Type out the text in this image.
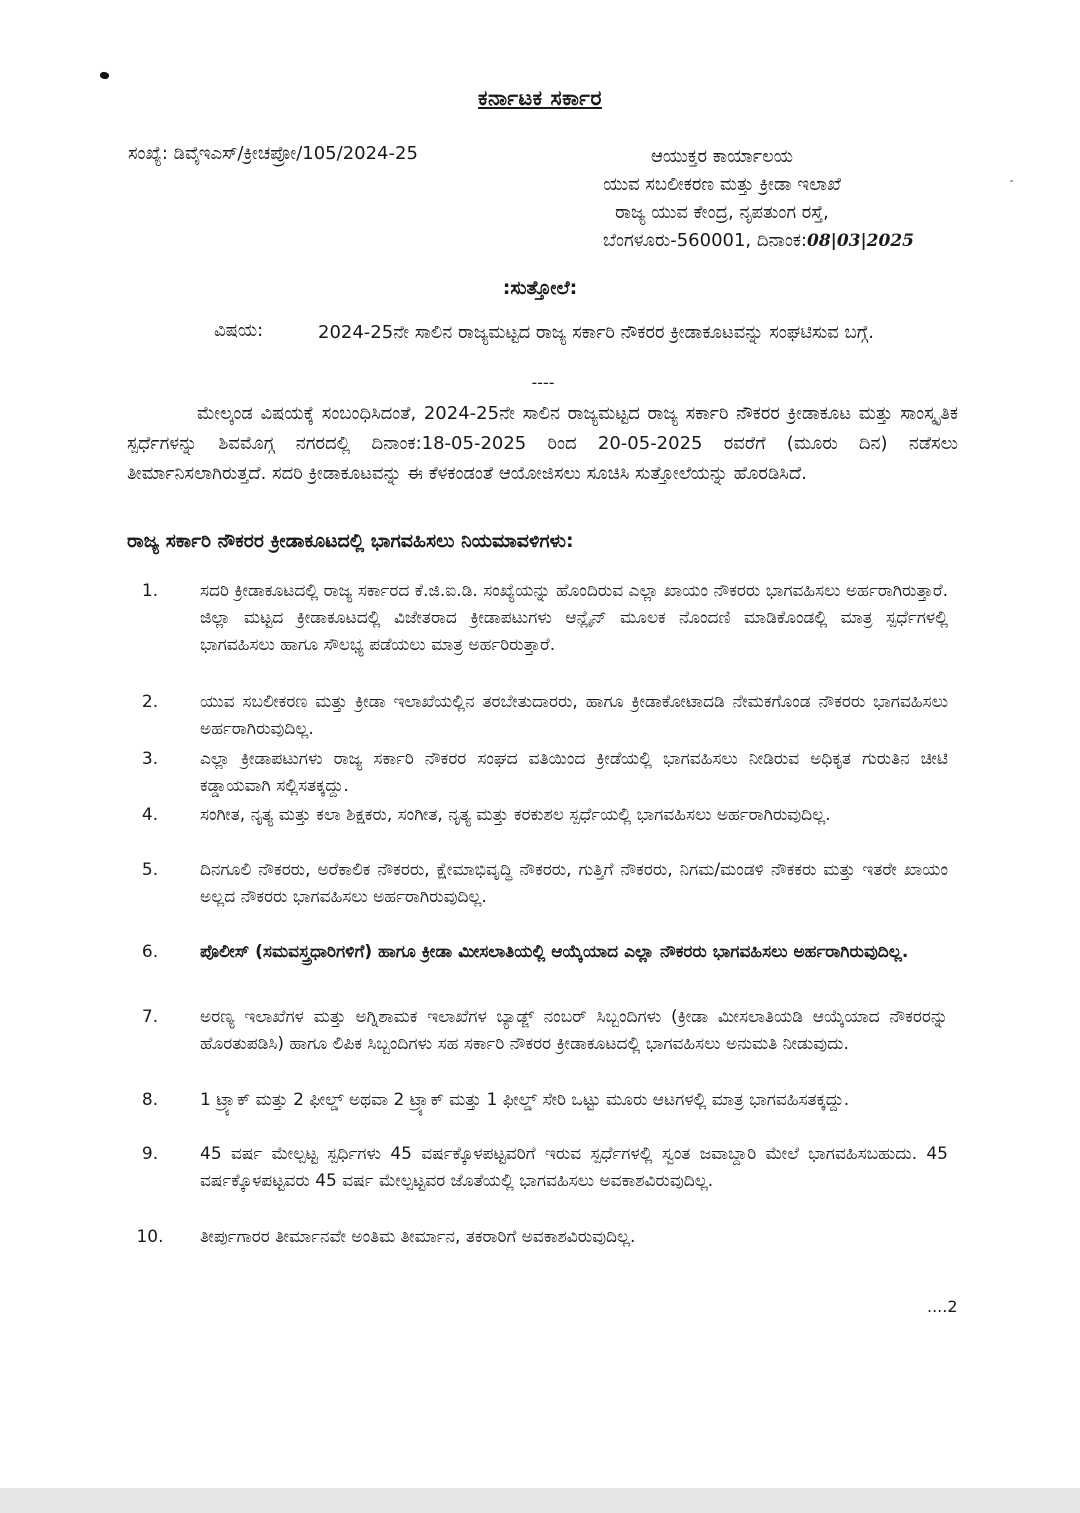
ಕರ್ನಾಟಕ ಸರ್ಕಾರ
ಸಂಖ್ಯೆ: ಡಿವೈಇಎಸ್/ಕ್ರೀಚಪ್ರೋ/105/2024-25	ಆಯುಕ್ತರ ಕಾರ್ಯಾಲಯ
ಯುವ ಸಬಲೀಕರಣ ಮತ್ತು ಕ್ರೀಡಾ ಇಲಾಖೆ
ರಾಜ್ಯ ಯುವ ಕೇಂದ್ರ, ನೃಪತುಂಗ ರಸ್ತೆ,
ಬೆಂಗಳೂರು-560001, ದಿನಾಂಕ:08|03|2025
:ಸುತ್ತೋಲೆ:
ವಿಷಯ:	2024-25ನೇ ಸಾಲಿನ ರಾಜ್ಯಮಟ್ಟದ ರಾಜ್ಯ ಸರ್ಕಾರಿ ನೌಕರರ ಕ್ರೀಡಾಕೂಟವನ್ನು ಸಂಘಟಿಸುವ ಬಗ್ಗೆ.
----
ಮೇಲ್ಕಂಡ ವಿಷಯಕ್ಕೆ ಸಂಬಂಧಿಸಿದಂತೆ, 2024-25ನೇ ಸಾಲಿನ ರಾಜ್ಯಮಟ್ಟದ ರಾಜ್ಯ ಸರ್ಕಾರಿ ನೌಕರರ ಕ್ರೀಡಾಕೂಟ ಮತ್ತು ಸಾಂಸ್ಕೃತಿಕ ಸ್ಪರ್ಧೆಗಳನ್ನು ಶಿವಮೊಗ್ಗ ನಗರದಲ್ಲಿ ದಿನಾಂಕ:18-05-2025 ರಿಂದ 20-05-2025 ರವರೆಗೆ (ಮೂರು ದಿನ) ನಡೆಸಲು ತೀರ್ಮಾನಿಸಲಾಗಿರುತ್ತದೆ. ಸದರಿ ಕ್ರೀಡಾಕೂಟವನ್ನು ಈ ಕೆಳಕಂಡಂತೆ ಆಯೋಜಿಸಲು ಸೂಚಿಸಿ ಸುತ್ತೋಲೆಯನ್ನು ಹೊರಡಿಸಿದೆ.
ರಾಜ್ಯ ಸರ್ಕಾರಿ ನೌಕರರ ಕ್ರೀಡಾಕೂಟದಲ್ಲಿ ಭಾಗವಹಿಸಲು ನಿಯಮಾವಳಿಗಳು:
1.	ಸದರಿ ಕ್ರೀಡಾಕೂಟದಲ್ಲಿ ರಾಜ್ಯ ಸರ್ಕಾರದ ಕೆ.ಜಿ.ಐ.ಡಿ. ಸಂಖ್ಯೆಯನ್ನು ಹೊಂದಿರುವ ಎಲ್ಲಾ ಖಾಯಂ ನೌಕರರು ಭಾಗವಹಿಸಲು ಅರ್ಹರಾಗಿರುತ್ತಾರೆ. ಜಿಲ್ಲಾ ಮಟ್ಟದ ಕ್ರೀಡಾಕೂಟದಲ್ಲಿ ವಿಜೇತರಾದ ಕ್ರೀಡಾಪಟುಗಳು ಆನ್ಲೈನ್ ಮೂಲಕ ನೊಂದಣಿ ಮಾಡಿಕೊಂಡಲ್ಲಿ ಮಾತ್ರ ಸ್ಪರ್ಧೆಗಳಲ್ಲಿ ಭಾಗವಹಿಸಲು ಹಾಗೂ ಸೌಲಭ್ಯ ಪಡೆಯಲು ಮಾತ್ರ ಅರ್ಹರಿರುತ್ತಾರೆ.
2.	ಯುವ ಸಬಲೀಕರಣ ಮತ್ತು ಕ್ರೀಡಾ ಇಲಾಖೆಯಲ್ಲಿನ ತರಬೇತುದಾರರು, ಹಾಗೂ ಕ್ರೀಡಾಕೋಟಾದಡಿ ನೇಮಕಗೊಂಡ ನೌಕರರು ಭಾಗವಹಿಸಲು ಅರ್ಹರಾಗಿರುವುದಿಲ್ಲ.
3.	ಎಲ್ಲಾ ಕ್ರೀಡಾಪಟುಗಳು ರಾಜ್ಯ ಸರ್ಕಾರಿ ನೌಕರರ ಸಂಘದ ವತಿಯಿಂದ ಕ್ರೀಡೆಯಲ್ಲಿ ಭಾಗವಹಿಸಲು ನೀಡಿರುವ ಅಧಿಕೃತ ಗುರುತಿನ ಚೀಟಿ ಕಡ್ಡಾಯವಾಗಿ ಸಲ್ಲಿಸತಕ್ಕದ್ದು.
4.	ಸಂಗೀತ, ನೃತ್ಯ ಮತ್ತು ಕಲಾ ಶಿಕ್ಷಕರು, ಸಂಗೀತ, ನೃತ್ಯ ಮತ್ತು ಕರಕುಶಲ ಸ್ಪರ್ಧೆಯಲ್ಲಿ ಭಾಗವಹಿಸಲು ಅರ್ಹರಾಗಿರುವುದಿಲ್ಲ.
5.	ದಿನಗೂಲಿ ನೌಕರರು, ಅರೆಕಾಲಿಕ ನೌಕರರು, ಕ್ಷೇಮಾಭಿವೃದ್ಧಿ ನೌಕರರು, ಗುತ್ತಿಗೆ ನೌಕರರು, ನಿಗಮ/ಮಂಡಳಿ ನೌಕಕರು ಮತ್ತು ಇತರೇ ಖಾಯಂ ಅಲ್ಲದ ನೌಕರರು ಭಾಗವಹಿಸಲು ಅರ್ಹರಾಗಿರುವುದಿಲ್ಲ.
6.	ಪೊಲೀಸ್ (ಸಮವಸ್ತ್ರಧಾರಿಗಳಿಗೆ) ಹಾಗೂ ಕ್ರೀಡಾ ಮೀಸಲಾತಿಯಲ್ಲಿ ಆಯ್ಕೆಯಾದ ಎಲ್ಲಾ ನೌಕರರು ಭಾಗವಹಿಸಲು ಅರ್ಹರಾಗಿರುವುದಿಲ್ಲ.
7.	ಅರಣ್ಯ ಇಲಾಖೆಗಳ ಮತ್ತು ಅಗ್ನಿಶಾಮಕ ಇಲಾಖೆಗಳ ಬ್ಯಾಡ್ಜ್ ನಂಬರ್ ಸಿಬ್ಬಂದಿಗಳು (ಕ್ರೀಡಾ ಮೀಸಲಾತಿಯಡಿ ಆಯ್ಕೆಯಾದ ನೌಕರರನ್ನು ಹೊರತುಪಡಿಸಿ) ಹಾಗೂ ಲಿಪಿಕ ಸಿಬ್ಬಂದಿಗಳು ಸಹ ಸರ್ಕಾರಿ ನೌಕರರ ಕ್ರೀಡಾಕೂಟದಲ್ಲಿ ಭಾಗವಹಿಸಲು ಅನುಮತಿ ನೀಡುವುದು.
8.	1 ಟ್ರ್ಯಾಕ್ ಮತ್ತು 2 ಫೀಲ್ಡ್ ಅಥವಾ 2 ಟ್ರ್ಯಾಕ್ ಮತ್ತು 1 ಫೀಲ್ಡ್ ಸೇರಿ ಒಟ್ಟು ಮೂರು ಆಟಗಳಲ್ಲಿ ಮಾತ್ರ ಭಾಗವಹಿಸತಕ್ಕದ್ದು.
9.	45 ವರ್ಷ ಮೇಲ್ಪಟ್ಟ ಸ್ಪರ್ಧಿಗಳು 45 ವರ್ಷಕ್ಕೊಳಪಟ್ಟವರಿಗೆ ಇರುವ ಸ್ಪರ್ಧೆಗಳಲ್ಲಿ ಸ್ವಂತ ಜವಾಬ್ದಾರಿ ಮೇಲೆ ಭಾಗವಹಿಸಬಹುದು. 45 ವರ್ಷಕ್ಕೊಳಪಟ್ಟವರು 45 ವರ್ಷ ಮೇಲ್ಪಟ್ಟವರ ಜೊತೆಯಲ್ಲಿ ಭಾಗವಹಿಸಲು ಅವಕಾಶವಿರುವುದಿಲ್ಲ.
10.	ತೀರ್ಪುಗಾರರ ತೀರ್ಮಾನವೇ ಅಂತಿಮ ತೀರ್ಮಾನ, ತಕರಾರಿಗೆ ಅವಕಾಶವಿರುವುದಿಲ್ಲ.
....2
